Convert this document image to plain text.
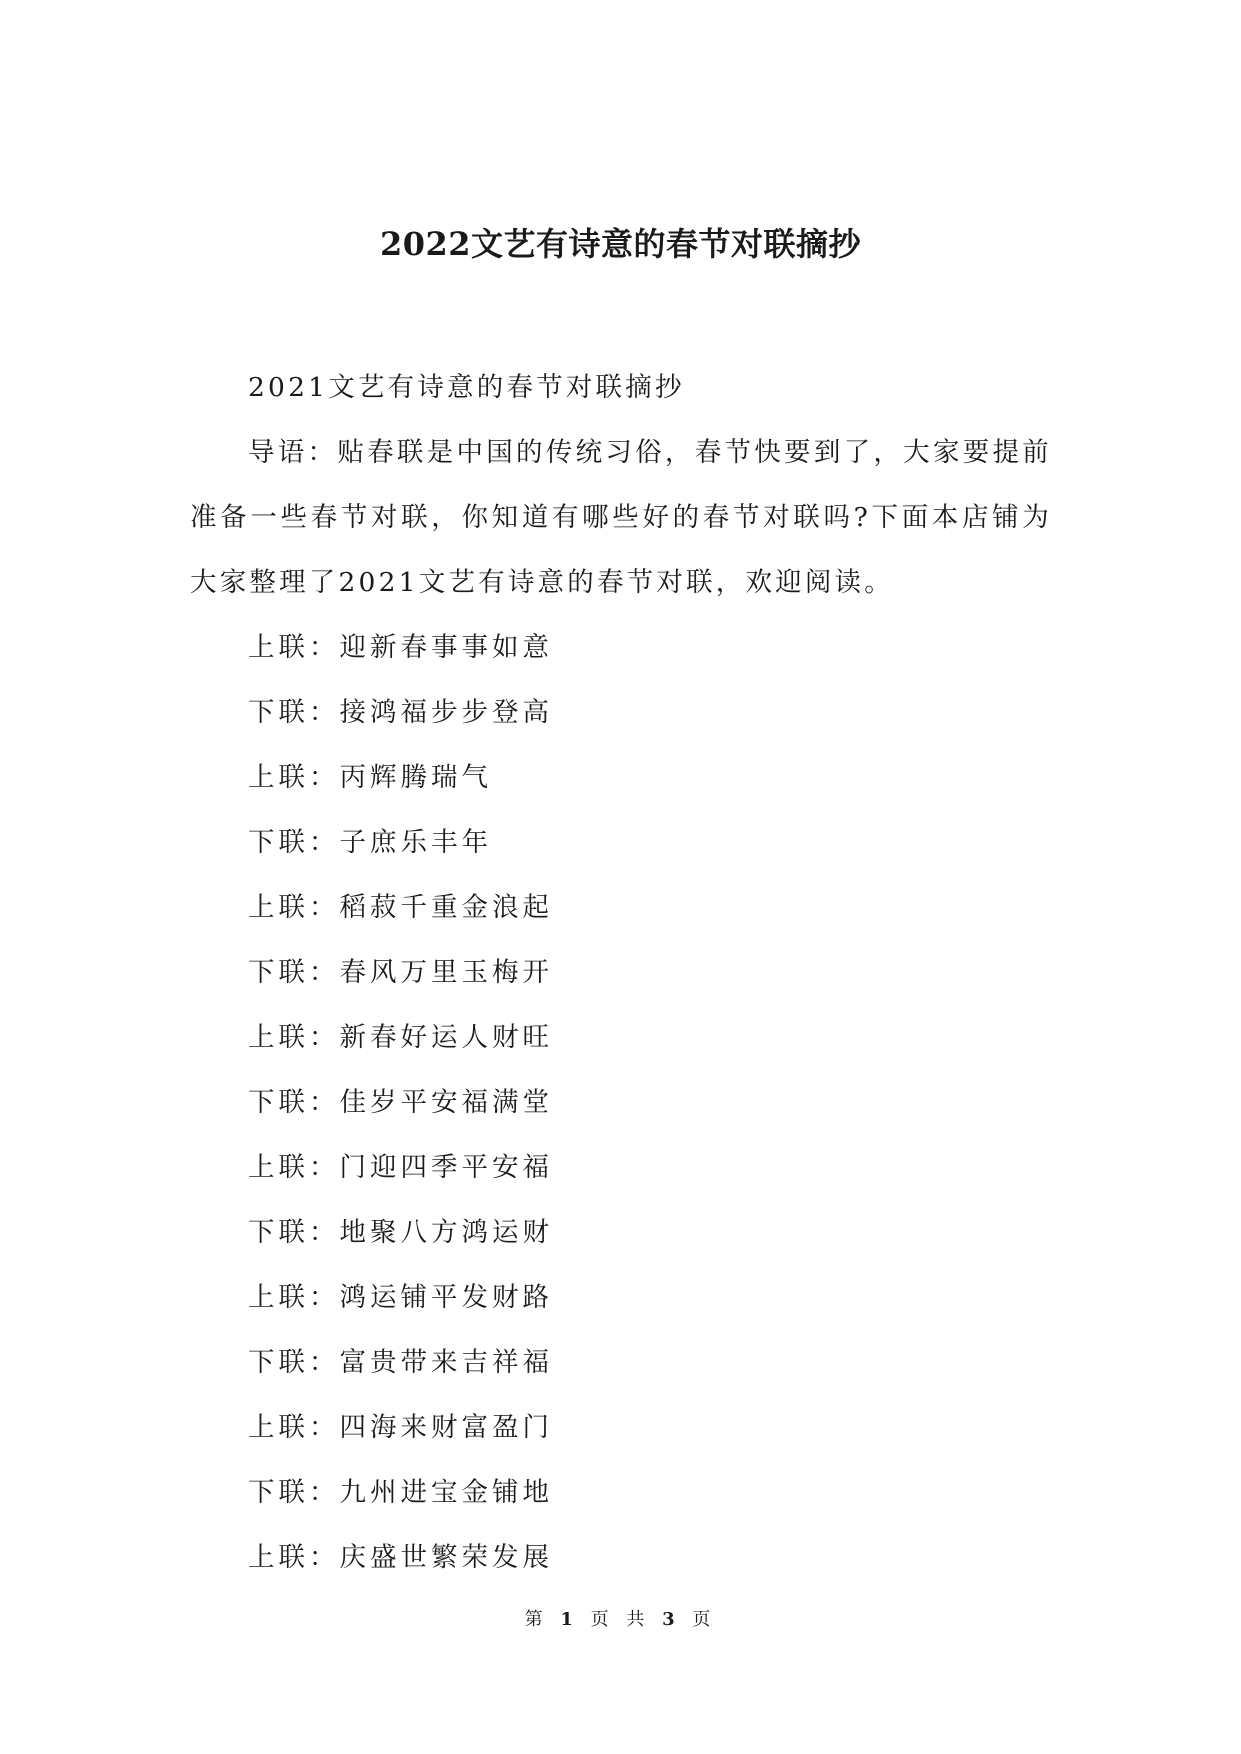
2022文艺有诗意的春节对联摘抄

2021文艺有诗意的春节对联摘抄

导语：贴春联是中国的传统习俗，春节快要到了，大家要提前准备一些春节对联，你知道有哪些好的春节对联吗?下面本店铺为大家整理了2021文艺有诗意的春节对联，欢迎阅读。

上联：迎新春事事如意

下联：接鸿福步步登高

上联：丙辉腾瑞气

下联：子庶乐丰年

上联：稻菽千重金浪起

下联：春风万里玉梅开

上联：新春好运人财旺

下联：佳岁平安福满堂

上联：门迎四季平安福

下联：地聚八方鸿运财

上联：鸿运铺平发财路

下联：富贵带来吉祥福

上联：四海来财富盈门

下联：九州进宝金铺地

上联：庆盛世繁荣发展

第 1 页 共 3 页
